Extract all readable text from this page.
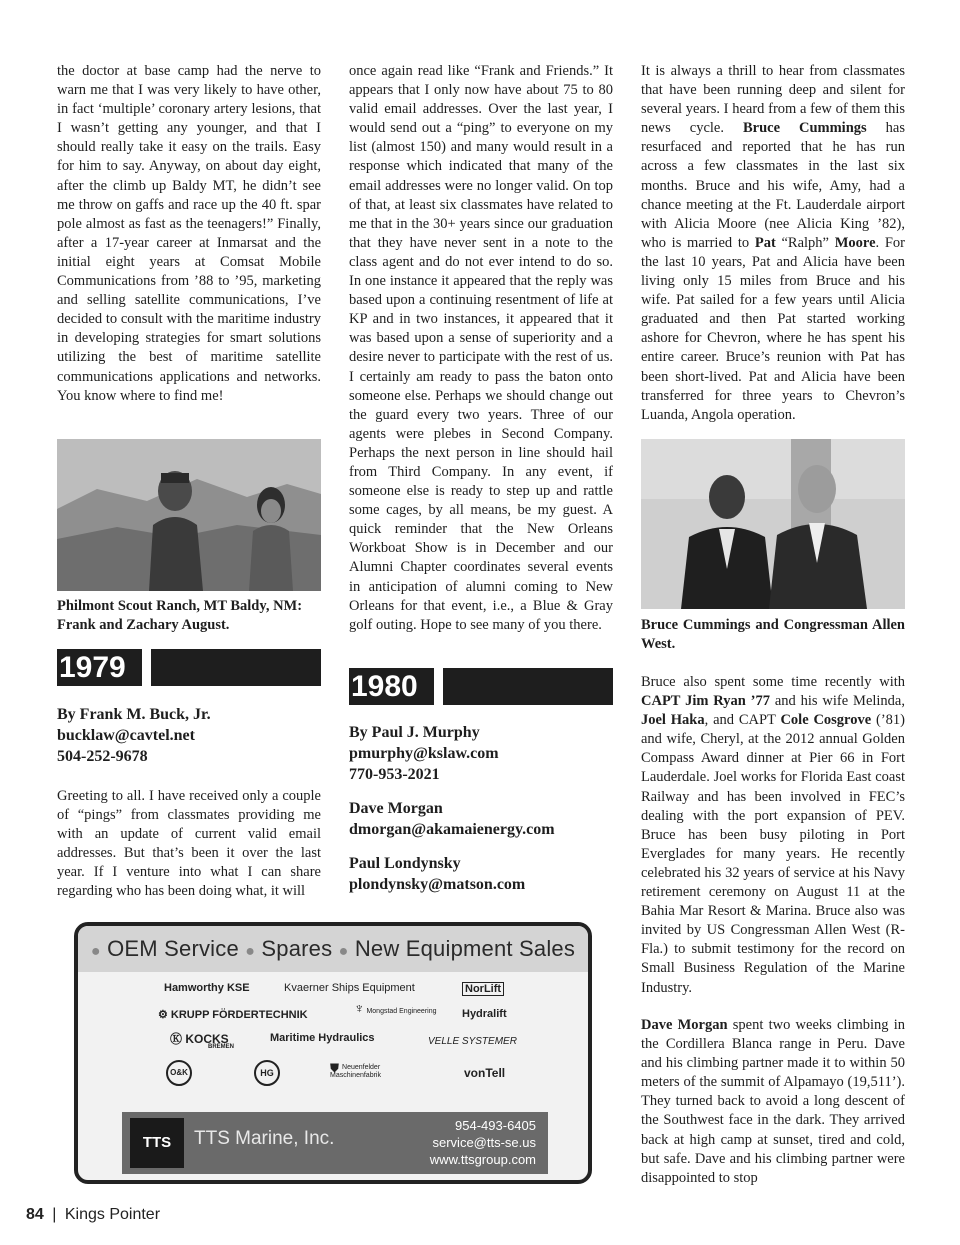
the doctor at base camp had the nerve to warn me that I was very likely to have other, in fact ‘multiple’ coronary artery lesions, that I wasn’t getting any younger, and that I should really take it easy on the trails. Easy for him to say. Anyway, on about day eight, after the climb up Baldy MT, he didn’t see me throw on gaffs and race up the 40 ft. spar pole almost as fast as the teenagers!” Finally, after a 17-year career at Inmarsat and the initial eight years at Comsat Mobile Communications from ’88 to ’95, marketing and selling satellite communications, I’ve decided to consult with the maritime industry in developing strategies for smart solutions utilizing the best of maritime satellite communications applications and networks. You know where to find me!

Philmont Scout Ranch, MT Baldy, NM: Frank and Zachary August.
1979
By Frank M. Buck, Jr.
bucklaw@cavtel.net
504-252-9678

Greeting to all. I have received only a couple of “pings” from classmates providing me with an update of current valid email addresses. But that’s been it over the last year. If I venture into what I can share regarding who has been doing what, it will

once again read like “Frank and Friends.” It appears that I only now have about 75 to 80 valid email addresses. Over the last year, I would send out a “ping” to everyone on my list (almost 150) and many would result in a response which indicated that many of the email addresses were no longer valid. On top of that, at least six classmates have related to me that in the 30+ years since our graduation that they have never sent in a note to the class agent and do not ever intend to do so. In one instance it appeared that the reply was based upon a continuing resentment of life at KP and in two instances, it appeared that it was based upon a sense of superiority and a desire never to participate with the rest of us. I certainly am ready to pass the baton onto someone else. Perhaps we should change out the guard every two years. Three of our agents were plebes in Second Company. Perhaps the next person in line should hail from Third Company. In any event, if someone else is ready to step up and rattle some cages, by all means, be my guest. A quick reminder that the New Orleans Workboat Show is in December and our Alumni Chapter coordinates several events in anticipation of alumni coming to New Orleans for that event, i.e., a Blue & Gray golf outing. Hope to see many of you there.

1980
By Paul J. Murphy
pmurphy@kslaw.com
770-953-2021
Dave Morgan
dmorgan@akamaienergy.com
Paul Londynsky
plondynsky@matson.com

It is always a thrill to hear from classmates that have been running deep and silent for several years. I heard from a few of them this news cycle. Bruce Cummings has resurfaced and reported that he has run across a few classmates in the last six months. Bruce and his wife, Amy, had a chance meeting at the Ft. Lauderdale airport with Alicia Moore (nee Alicia King ’82), who is married to Pat “Ralph” Moore. For the last 10 years, Pat and Alicia have been living only 15 miles from Bruce and his wife. Pat sailed for a few years until Alicia graduated and then Pat started working ashore for Chevron, where he has spent his entire career. Bruce’s reunion with Pat has been short-lived. Pat and Alicia have been transferred for three years to Chevron’s Luanda, Angola operation.

Bruce Cummings and Congressman Allen West.

Bruce also spent some time recently with CAPT Jim Ryan ’77 and his wife Melinda, Joel Haka, and CAPT Cole Cosgrove (’81) and wife, Cheryl, at the 2012 annual Golden Compass Award dinner at Pier 66 in Fort Lauderdale. Joel works for Florida East coast Railway and has been involved in FEC’s dealing with the port expansion of PEV. Bruce has been busy piloting in Port Everglades for many years. He recently celebrated his 32 years of service at his Navy retirement ceremony on August 11 at the Bahia Mar Resort & Marina. Bruce also was invited by US Congressman Allen West (R-Fla.) to submit testimony for the record on Small Business Regulation of the Marine Industry.

Dave Morgan spent two weeks climbing in the Cordillera Blanca range in Peru. Dave and his climbing partner made it to within 50 meters of the summit of Alpamayo (19,511’). They turned back to avoid a long descent of the Southwest face in the dark. They arrived back at high camp at sunset, tired and cold, but safe. Dave and his climbing partner were disappointed to stop

● OEM Service ● Spares ● New Equipment Sales
Hamworthy KSE	Kvaerner Ships Equipment	NorLift
⚙ KRUPP FÖRDERTECHNIK	♆ Mongstad Engineering Hydralift
Ⓚ KOCKS
BREMEN
Maritime Hydraulics	VELLE SYSTEMER
O&K	HG	⛊ Neuenfelder Maschinenfabrik	vonTell
TTS	TTS Marine, Inc.
954-493-6405
service@tts-se.us
www.ttsgroup.com
84 | Kings Pointer
